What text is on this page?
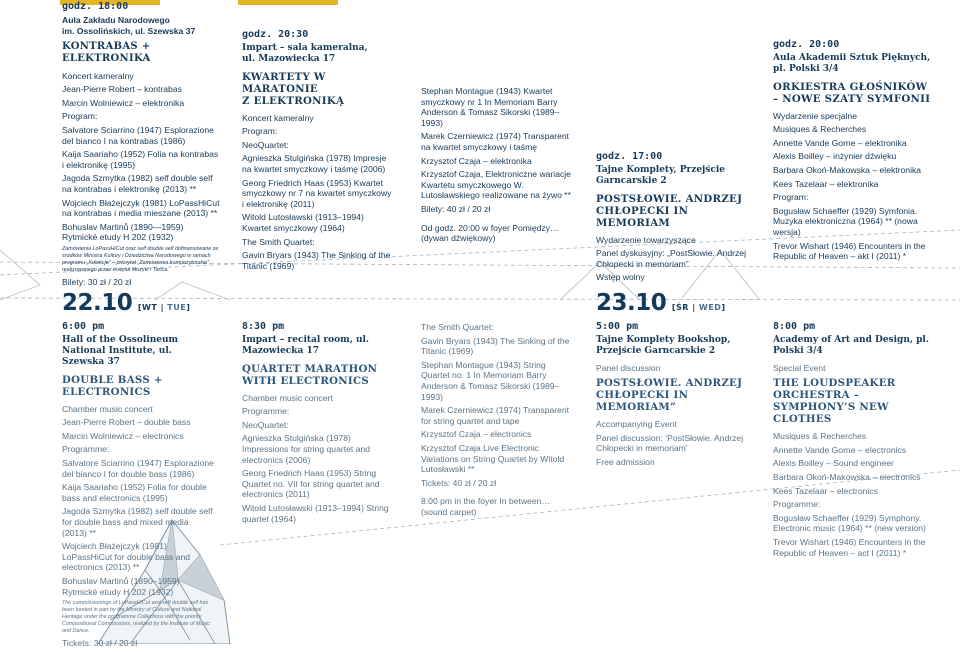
22.10 [WT | TUE]	23.10 [ŚR | WED]
godz. 18:00
Aula Zakładu Narodowego
im. Ossolińskich, ul. Szewska 37
KONTRABAS + ELEKTRONIKA

Koncert kameralny

Jean-Pierre Robert – kontrabas

Marcin Wolniewicz – elektronika

Program:

Salvatore Sciarrino (1947) Esplorazione del bianco I na kontrabas (1986)

Kaija Saariaho (1952) Folia na kontrabas i elektronikę (1995)

Jagoda Szmytka (1982) self double self na kontrabas i elektronikę (2013) **

Wojciech Błażejczyk (1981) LoPassHiCut na kontrabas i media mieszane (2013) **

Bohuslav Martinů (1890—1959) Rytmické etudy H 202 (1932)

Zamówienia LoPassHiCut oraz self double self dofinansowane ze środków Ministra Kultury i Dziedzictwa Narodowego w ramach programu „Kolekcje” – priorytet „Zamówienia kompozytorskie”, realizowanego przez Instytut Muzyki i Tańca.

Bilety: 30 zł / 20 zł

6:00 pm
Hall of the Ossolineum National Institute, ul. Szewska 37
DOUBLE BASS + ELECTRONICS

Chamber music concert

Jean-Pierre Robert – double bass

Marcin Wolniewicz – electronics

Programme:

Salvatore Sciarrino (1947) Esplorazione del bianco I for double bass (1986)

Kaija Saariaho (1952) Folia for double bass and electronics (1995)

Jagoda Szmytka (1982) self double self for double bass and mixed media (2013) **

Wojciech Błażejczyk (1981) LoPassHiCut for double bass and electronics (2013) **

Bohuslav Martinů (1890–1959) Rytmické etudy H 202 (1932)

The commissionings of LoPassHiCut and self double self has been funded in part by the Ministry of Culture and National Heritage under the programme Collections with the priority Compositional Commissions, realized by the Institute of Music and Dance.

Tickets: 30 zł / 20 zł

godz. 20:30
Impart – sala kameralna,
ul. Mazowiecka 17
KWARTETY W MARATONIE
Z ELEKTRONIKĄ

Koncert kameralny

Program:

NeoQuartet:

Agnieszka Stulgińska (1978) Impresje na kwartet smyczkowy i taśmę (2006)

Georg Friedrich Haas (1953) Kwartet smyczkowy nr 7 na kwartet smyczkowy i elektronikę (2011)

Witold Lutosławski (1913–1994) Kwartet smyczkowy (1964)

The Smith Quartet:

Gavin Bryars (1943) The Sinking of the Titanic (1969)

8:30 pm
Impart – recital room, ul. Mazowiecka 17
QUARTET MARATHON WITH ELECTRONICS

Chamber music concert

Programme:

NeoQuartet:

Agnieszka Stulgińska (1978) Impressions for string quartet and electronics (2006)

Georg Friedrich Haas (1953) String Quartet no. VII for string quartet and electronics (2011)

Witold Lutosławski (1913–1994) String quartet (1964)

Stephan Montague (1943) Kwartet smyczkowy nr 1 In Memoriam Barry Anderson & Tomasz Sikorski (1989–1993)

Marek Czerniewicz (1974) Transparent na kwartet smyczkowy i taśmę

Krzysztof Czaja – elektronika

Krzysztof Czaja, Elektroniczne wariacje Kwartetu smyczkowego W. Lutosławskiego realizowane na żywo **

Bilety: 40 zł / 20 zł

Od godz. 20:00 w foyer Pomiędzy… (dywan dźwiękowy)

The Smith Quartet:

Gavin Bryars (1943) The Sinking of the Titanic (1969)

Stephan Montague (1943) String Quartet no. 1 In Memoriam Barry Anderson & Tomasz Sikorski (1989–1993)

Marek Czerniewicz (1974) Transparent for string quartet and tape

Krzysztof Czaja – electronics

Krzysztof Czaja Live Electronic Variations on String Quartet by Witold Lutosławski **

Tickets: 40 zł / 20 zł

8:00 pm in the foyer In between… (sound carpet)

godz. 17:00
Tajne Komplety, Przejście
Garncarskie 2
POSTSŁOWIE. ANDRZEJ
CHŁOPECKI IN MEMORIAM

Wydarzenie towarzyszące

Panel dyskusyjny: „PostSłowie. Andrzej Chłopecki in memoriam”

Wstęp wolny

5:00 pm
Tajne Komplety Bookshop, Przejście Garncarskie 2

Panel discussion

POSTSŁOWIE. ANDRZEJ CHŁOPECKI IN MEMORIAM”

Accompanying Event

Panel discussion: ‘PostSłowie. Andrzej Chłopecki in memoriam’

Free admission

godz. 20:00
Aula Akademii Sztuk Pięknych,
pl. Polski 3/4
ORKIESTRA GŁOŚNIKÓW
– NOWE SZATY SYMFONII

Wydarzenie specjalne

Musiques & Recherches

Annette Vande Gorne – elektronika

Alexis Boilley – inżynier dźwięku

Barbara Okoń-Makowska – elektronika

Kees Tazelaar – elektronika

Program:

Bogusław Schaeffer (1929) Symfonia. Muzyka elektroniczna (1964) ** (nowa wersja)

Trevor Wishart (1946) Encounters in the Republic of Heaven – akt I (2011) *

8:00 pm
Academy of Art and Design, pl. Polski 3/4

Special Event

THE LOUDSPEAKER ORCHESTRA – SYMPHONY’S NEW CLOTHES

Musiques & Recherches

Annette Vande Gorne – electronics

Alexis Boilley – Sound engineer

Barbara Okoń-Makowska – electronics

Kees Tazelaar – electronics

Programme:

Bogusław Schaeffer (1929) Symphony. Electronic music (1964) ** (new version)

Trevor Wishart (1946) Encounters in the Republic of Heaven – act I (2011) *
